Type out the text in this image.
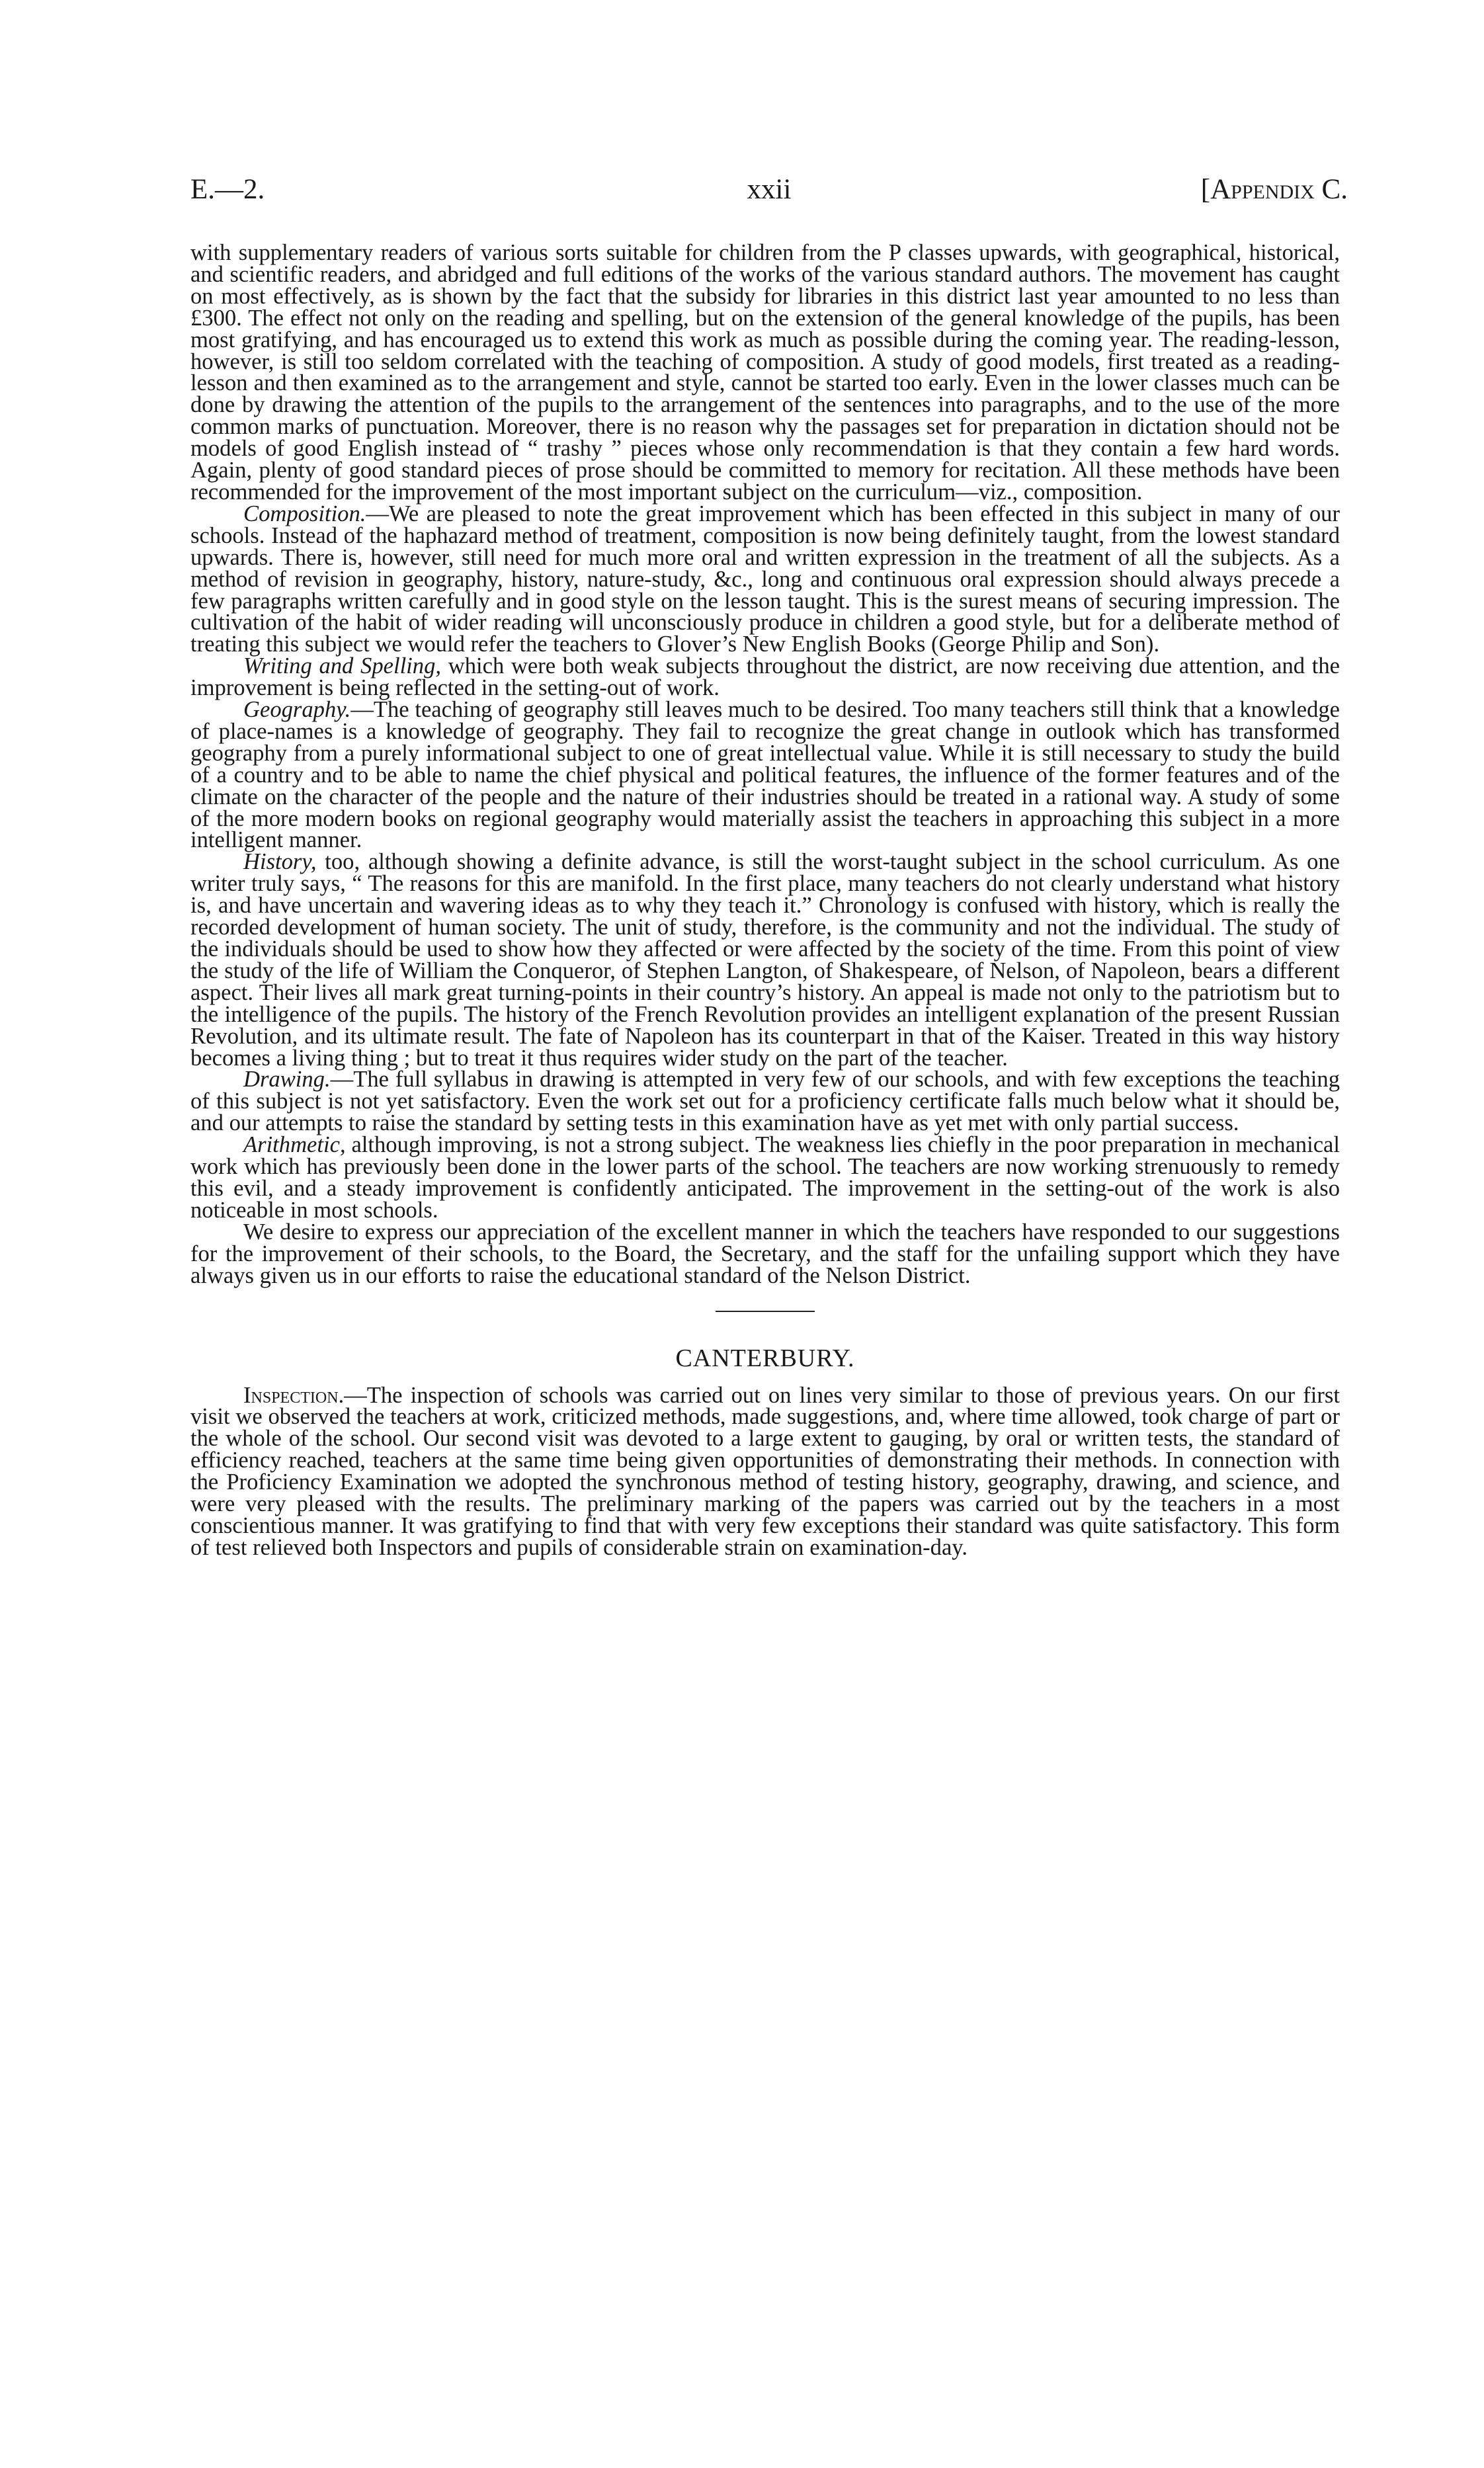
E.—2.	xxii	[Appendix C.

with supplementary readers of various sorts suitable for children from the P classes upwards, with geographical, historical, and scientific readers, and abridged and full editions of the works of the various standard authors. The movement has caught on most effectively, as is shown by the fact that the subsidy for libraries in this district last year amounted to no less than £300. The effect not only on the reading and spelling, but on the extension of the general knowledge of the pupils, has been most gratifying, and has encouraged us to extend this work as much as possible during the coming year. The reading-lesson, however, is still too seldom correlated with the teaching of composition. A study of good models, first treated as a reading-lesson and then examined as to the arrangement and style, cannot be started too early. Even in the lower classes much can be done by drawing the attention of the pupils to the arrangement of the sentences into paragraphs, and to the use of the more common marks of punctuation. Moreover, there is no reason why the passages set for preparation in dictation should not be models of good English instead of “ trashy ” pieces whose only recommendation is that they contain a few hard words. Again, plenty of good standard pieces of prose should be committed to memory for recitation. All these methods have been recommended for the improvement of the most important subject on the curriculum—viz., composition.

Composition.—We are pleased to note the great improvement which has been effected in this subject in many of our schools. Instead of the haphazard method of treatment, composition is now being definitely taught, from the lowest standard upwards. There is, however, still need for much more oral and written expression in the treatment of all the subjects. As a method of revision in geography, history, nature-study, &c., long and continuous oral expression should always precede a few paragraphs written carefully and in good style on the lesson taught. This is the surest means of securing impression. The cultivation of the habit of wider reading will unconsciously produce in children a good style, but for a deliberate method of treating this subject we would refer the teachers to Glover’s New English Books (George Philip and Son).

Writing and Spelling, which were both weak subjects throughout the district, are now receiving due attention, and the improvement is being reflected in the setting-out of work.

Geography.—The teaching of geography still leaves much to be desired. Too many teachers still think that a knowledge of place-names is a knowledge of geography. They fail to recognize the great change in outlook which has transformed geography from a purely informational subject to one of great intellectual value. While it is still necessary to study the build of a country and to be able to name the chief physical and political features, the influence of the former features and of the climate on the character of the people and the nature of their industries should be treated in a rational way. A study of some of the more modern books on regional geography would materially assist the teachers in approaching this subject in a more intelligent manner.

History, too, although showing a definite advance, is still the worst-taught subject in the school curriculum. As one writer truly says, “ The reasons for this are manifold. In the first place, many teachers do not clearly understand what history is, and have uncertain and wavering ideas as to why they teach it.” Chronology is confused with history, which is really the recorded development of human society. The unit of study, therefore, is the community and not the individual. The study of the individuals should be used to show how they affected or were affected by the society of the time. From this point of view the study of the life of William the Conqueror, of Stephen Langton, of Shakespeare, of Nelson, of Napoleon, bears a different aspect. Their lives all mark great turning-points in their country’s history. An appeal is made not only to the patriotism but to the intelligence of the pupils. The history of the French Revolution provides an intelligent explanation of the present Russian Revolution, and its ultimate result. The fate of Napoleon has its counterpart in that of the Kaiser. Treated in this way history becomes a living thing ; but to treat it thus requires wider study on the part of the teacher.

Drawing.—The full syllabus in drawing is attempted in very few of our schools, and with few exceptions the teaching of this subject is not yet satisfactory. Even the work set out for a proficiency certificate falls much below what it should be, and our attempts to raise the standard by setting tests in this examination have as yet met with only partial success.

Arithmetic, although improving, is not a strong subject. The weakness lies chiefly in the poor preparation in mechanical work which has previously been done in the lower parts of the school. The teachers are now working strenuously to remedy this evil, and a steady improvement is confidently anticipated. The improvement in the setting-out of the work is also noticeable in most schools.

We desire to express our appreciation of the excellent manner in which the teachers have responded to our suggestions for the improvement of their schools, to the Board, the Secretary, and the staff for the unfailing support which they have always given us in our efforts to raise the educational standard of the Nelson District.

CANTERBURY.

Inspection.—The inspection of schools was carried out on lines very similar to those of previous years. On our first visit we observed the teachers at work, criticized methods, made suggestions, and, where time allowed, took charge of part or the whole of the school. Our second visit was devoted to a large extent to gauging, by oral or written tests, the standard of efficiency reached, teachers at the same time being given opportunities of demonstrating their methods. In connection with the Proficiency Examination we adopted the synchronous method of testing history, geography, drawing, and science, and were very pleased with the results. The preliminary marking of the papers was carried out by the teachers in a most conscientious manner. It was gratifying to find that with very few exceptions their standard was quite satisfactory. This form of test relieved both Inspectors and pupils of considerable strain on examination-day.
